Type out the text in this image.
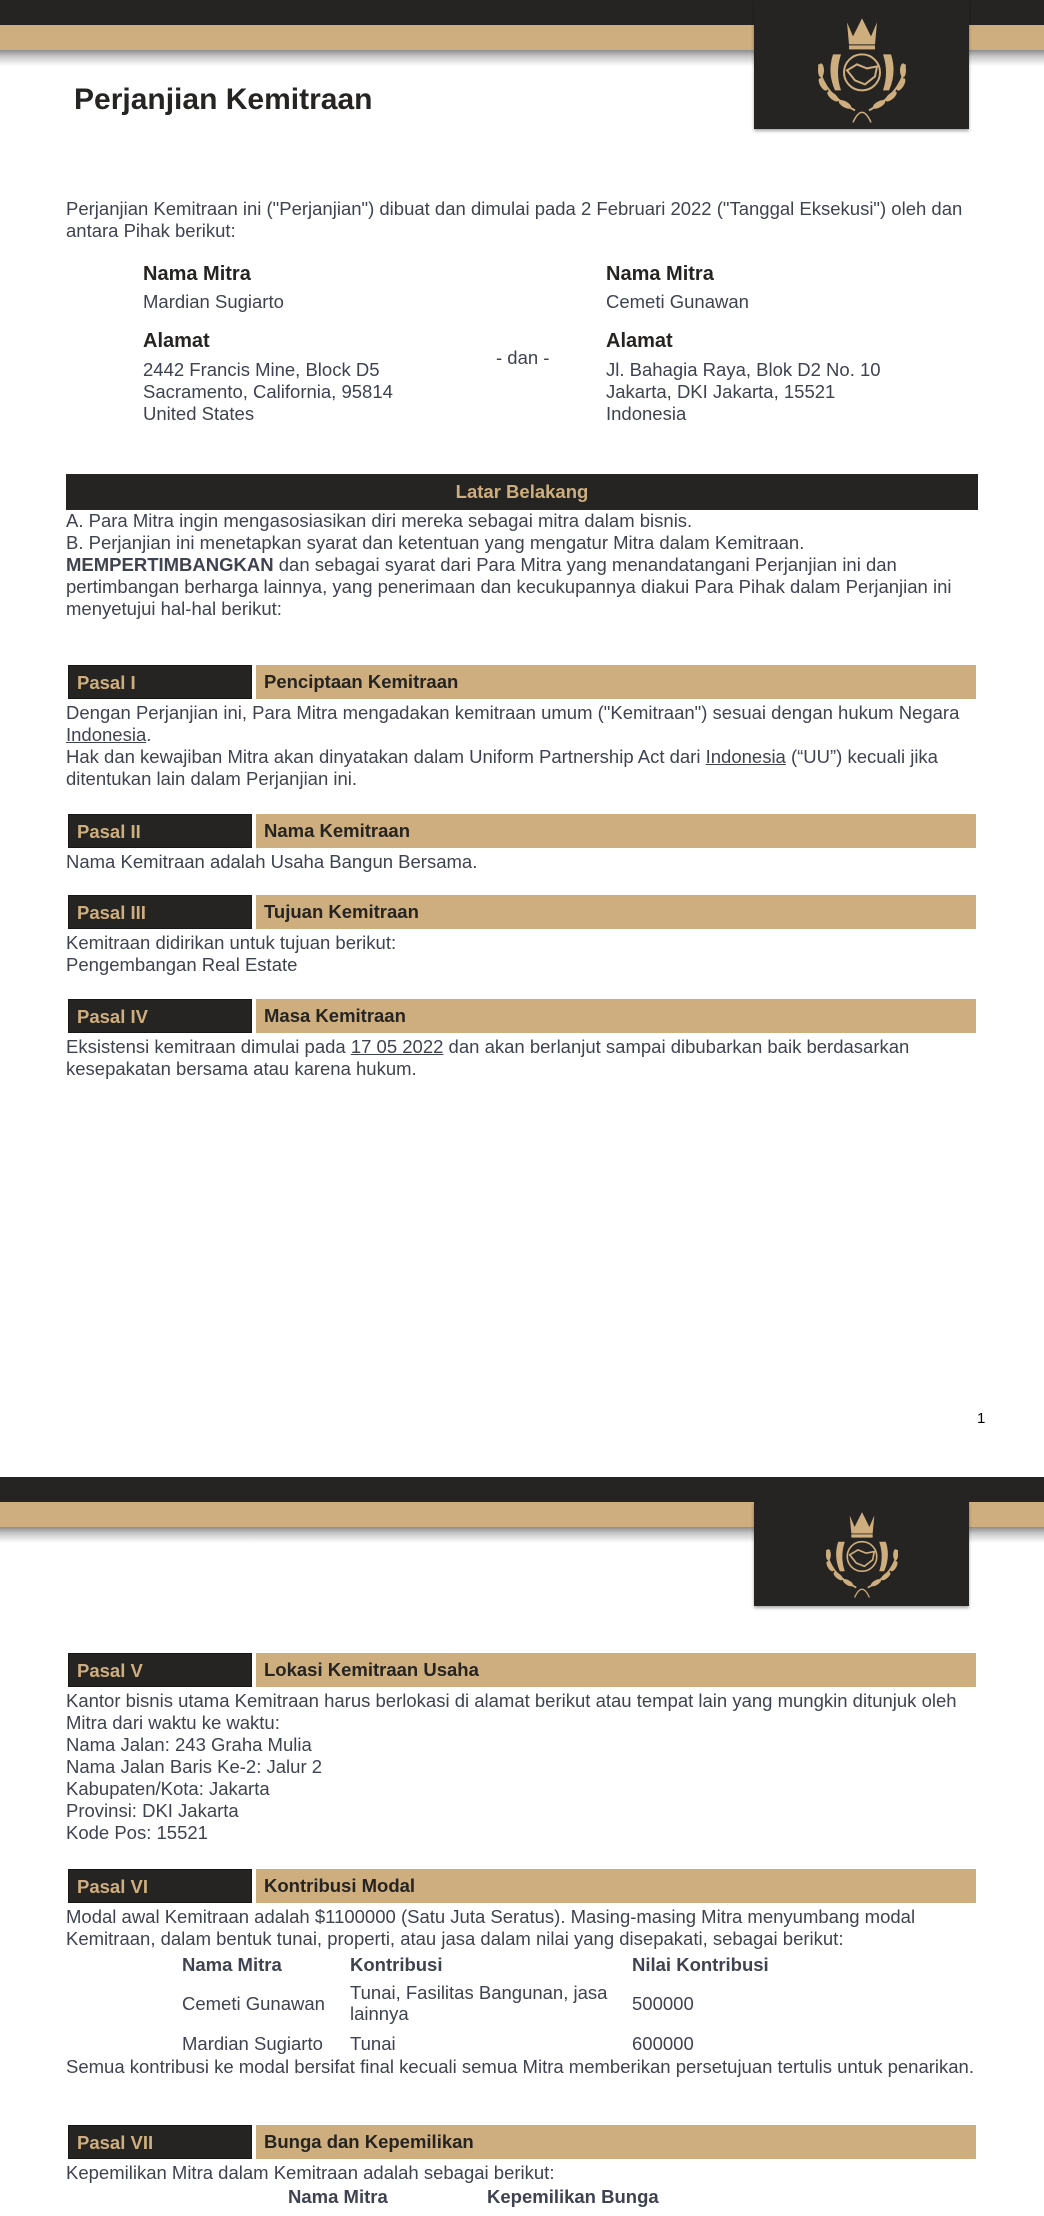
Perjanjian Kemitraan

Perjanjian Kemitraan ini ("Perjanjian") dibuat dan dimulai pada 2 Februari 2022 ("Tanggal Eksekusi") oleh dan antara Pihak berikut:

Nama Mitra
Mardian Sugiarto
Alamat
2442 Francis Mine, Block D5
Sacramento, California, 95814
United States
- dan -
Nama Mitra
Cemeti Gunawan
Alamat
Jl. Bahagia Raya, Blok D2 No. 10
Jakarta, DKI Jakarta, 15521
Indonesia
Latar Belakang
A. Para Mitra ingin mengasosiasikan diri mereka sebagai mitra dalam bisnis.
B. Perjanjian ini menetapkan syarat dan ketentuan yang mengatur Mitra dalam Kemitraan.
MEMPERTIMBANGKAN dan sebagai syarat dari Para Mitra yang menandatangani Perjanjian ini dan pertimbangan berharga lainnya, yang penerimaan dan kecukupannya diakui Para Pihak dalam Perjanjian ini menyetujui hal-hal berikut:
Pasal I	Penciptaan Kemitraan
Dengan Perjanjian ini, Para Mitra mengadakan kemitraan umum ("Kemitraan") sesuai dengan hukum Negara Indonesia.
Hak dan kewajiban Mitra akan dinyatakan dalam Uniform Partnership Act dari Indonesia (“UU”) kecuali jika ditentukan lain dalam Perjanjian ini.
Pasal II	Nama Kemitraan
Nama Kemitraan adalah Usaha Bangun Bersama.
Pasal III	Tujuan Kemitraan
Kemitraan didirikan untuk tujuan berikut:
Pengembangan Real Estate
Pasal IV	Masa Kemitraan
Eksistensi kemitraan dimulai pada 17 05 2022 dan akan berlanjut sampai dibubarkan baik berdasarkan kesepakatan bersama atau karena hukum.
1
Pasal V	Lokasi Kemitraan Usaha
Kantor bisnis utama Kemitraan harus berlokasi di alamat berikut atau tempat lain yang mungkin ditunjuk oleh Mitra dari waktu ke waktu:
Nama Jalan: 243 Graha Mulia
Nama Jalan Baris Ke-2: Jalur 2
Kabupaten/Kota: Jakarta
Provinsi: DKI Jakarta
Kode Pos: 15521
Pasal VI	Kontribusi Modal
Modal awal Kemitraan adalah $1100000 (Satu Juta Seratus). Masing-masing Mitra menyumbang modal Kemitraan, dalam bentuk tunai, properti, atau jasa dalam nilai yang disepakati, sebagai berikut:
Nama Mitra	Kontribusi	Nilai Kontribusi
Cemeti Gunawan	Tunai, Fasilitas Bangunan, jasa lainnya	500000
Mardian Sugiarto	Tunai	600000
Semua kontribusi ke modal bersifat final kecuali semua Mitra memberikan persetujuan tertulis untuk penarikan.
Pasal VII	Bunga dan Kepemilikan
Kepemilikan Mitra dalam Kemitraan adalah sebagai berikut:
Nama Mitra	Kepemilikan Bunga
